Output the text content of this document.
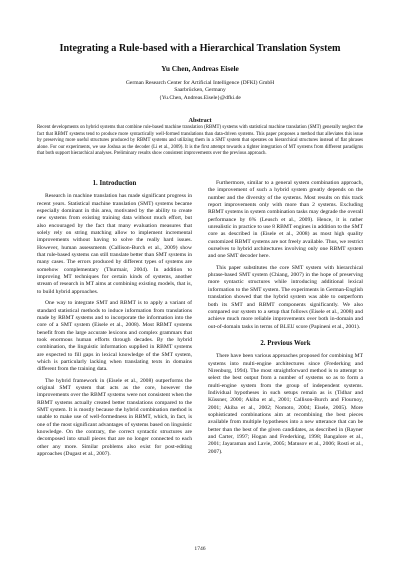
Integrating a Rule-based with a Hierarchical Translation System
Yu Chen, Andreas Eisele
German Research Center for Artificial Intelligence (DFKI) GmbH
Saarbrücken, Germany
{Yu.Chen, Andreas.Eisele}@dfki.de
Abstract
Recent developments on hybrid systems that combine rule-based machine translation (RBMT) systems with statistical machine translation (SMT) generally neglect the fact that RBMT systems tend to produce more syntactically well-formed translations than data-driven systems. This paper proposes a method that alleviates this issue by preserving more useful structures produced by RBMT systems and utilizing them in a SMT system that operates on hierarchical structures instead of flat phrases alone. For our experiments, we use Joshua as the decoder (Li et al., 2009). It is the first attempt towards a tighter integration of MT systems from different paradigms that both support hierarchical analyses. Preliminary results show consistent improvements over the previous approach.
1. Introduction

Research in machine translation has made significant progress in recent years. Statistical machine translation (SMT) systems became especially dominant in this area, motivated by the ability to create new systems from existing training data without much effort, but also encouraged by the fact that many evaluation measures that solely rely on string matching allow to implement incremental improvements without having to solve the really hard issues. However, human assessments (Callison-Burch et al., 2009) show that rule-based systems can still translate better than SMT systems in many cases. The errors produced by different types of systems are somehow complementary (Thurmair, 2004). In addition to improving MT techniques for certain kinds of systems, another stream of research in MT aims at combining existing models, that is, to build hybrid approaches.

One way to integrate SMT and RBMT is to apply a variant of standard statistical methods to induce information from translations made by RBMT systems and to incorporate the information into the core of a SMT system (Eisele et al., 2008). Most RBMT systems benefit from the large accurate lexicons and complex grammars that took enormous human efforts through decades. By the hybrid combination, the linguistic information supplied in RBMT systems are expected to fill gaps in lexical knowledge of the SMT system, which is particularly lacking when translating texts in domains different from the training data.

The hybrid framework in (Eisele et al., 2008) outperforms the original SMT system that acts as the core, however the improvements over the RBMT systems were not consistent when the RBMT systems actually created better translations compared to the SMT system. It is mostly because the hybrid combination method is unable to make use of well-formedness in RBMT, which, in fact, is one of the most significant advantages of systems based on linguistic knowledge. On the contrary, the correct syntactic structures are decomposed into small pieces that are no longer connected to each other any more. Similar problems also exist for post-editing approaches (Dugast et al., 2007).

Furthermore, similar to a general system combination approach, the improvement of such a hybrid system greatly depends on the number and the diversity of the systems. Most results on this track report improvements only with more than 2 systems. Excluding RBMT systems in system combination tasks may degrade the overall performance by 6% (Leusch et al., 2009). Hence, it is rather unrealistic in practice to use 8 RBMT engines in addition to the SMT core as described in (Eisele et al., 2008) as most high quality customized RBMT systems are not freely available. Thus, we restrict ourselves to hybrid architectures involving only one RBMT system and one SMT decoder here.

This paper substitutes the core SMT system with hierarchical phrase-based SMT system (Chiang, 2007) in the hope of preserving more syntactic structures while introducing additional lexical information to the SMT system. The experiments in German-English translation showed that the hybrid system was able to outperform both its SMT and RBMT components significantly. We also compared our system to a setup that follows (Eisele et al., 2008) and achieve much more reliable improvements over both in-domain and out-of-domain tasks in terms of BLEU score (Papineni et al., 2001).

2. Previous Work

There have been various approaches proposed for combining MT systems into multi-engine architectures since (Frederking and Nirenburg, 1994). The most straightforward method is to attempt to select the best output from a number of systems so as to form a multi-engine system from the group of independent systems. Individual hypotheses in such setups remain as is (Tidhar and Küssner, 2000; Akiba et al., 2001; Callison-Burch and Flournoy, 2001; Akiba et al., 2002; Nomoto, 2004; Eisele, 2005). More sophisticated combinations aim at recombining the best pieces available from multiple hypotheses into a new utterance that can be better than the best of the given candidates, as described in (Rayner and Carter, 1997; Hogan and Frederking, 1998; Bangalore et al., 2001; Jayaraman and Lavie, 2005; Matusov et al., 2006; Rosti et al., 2007).

1746
